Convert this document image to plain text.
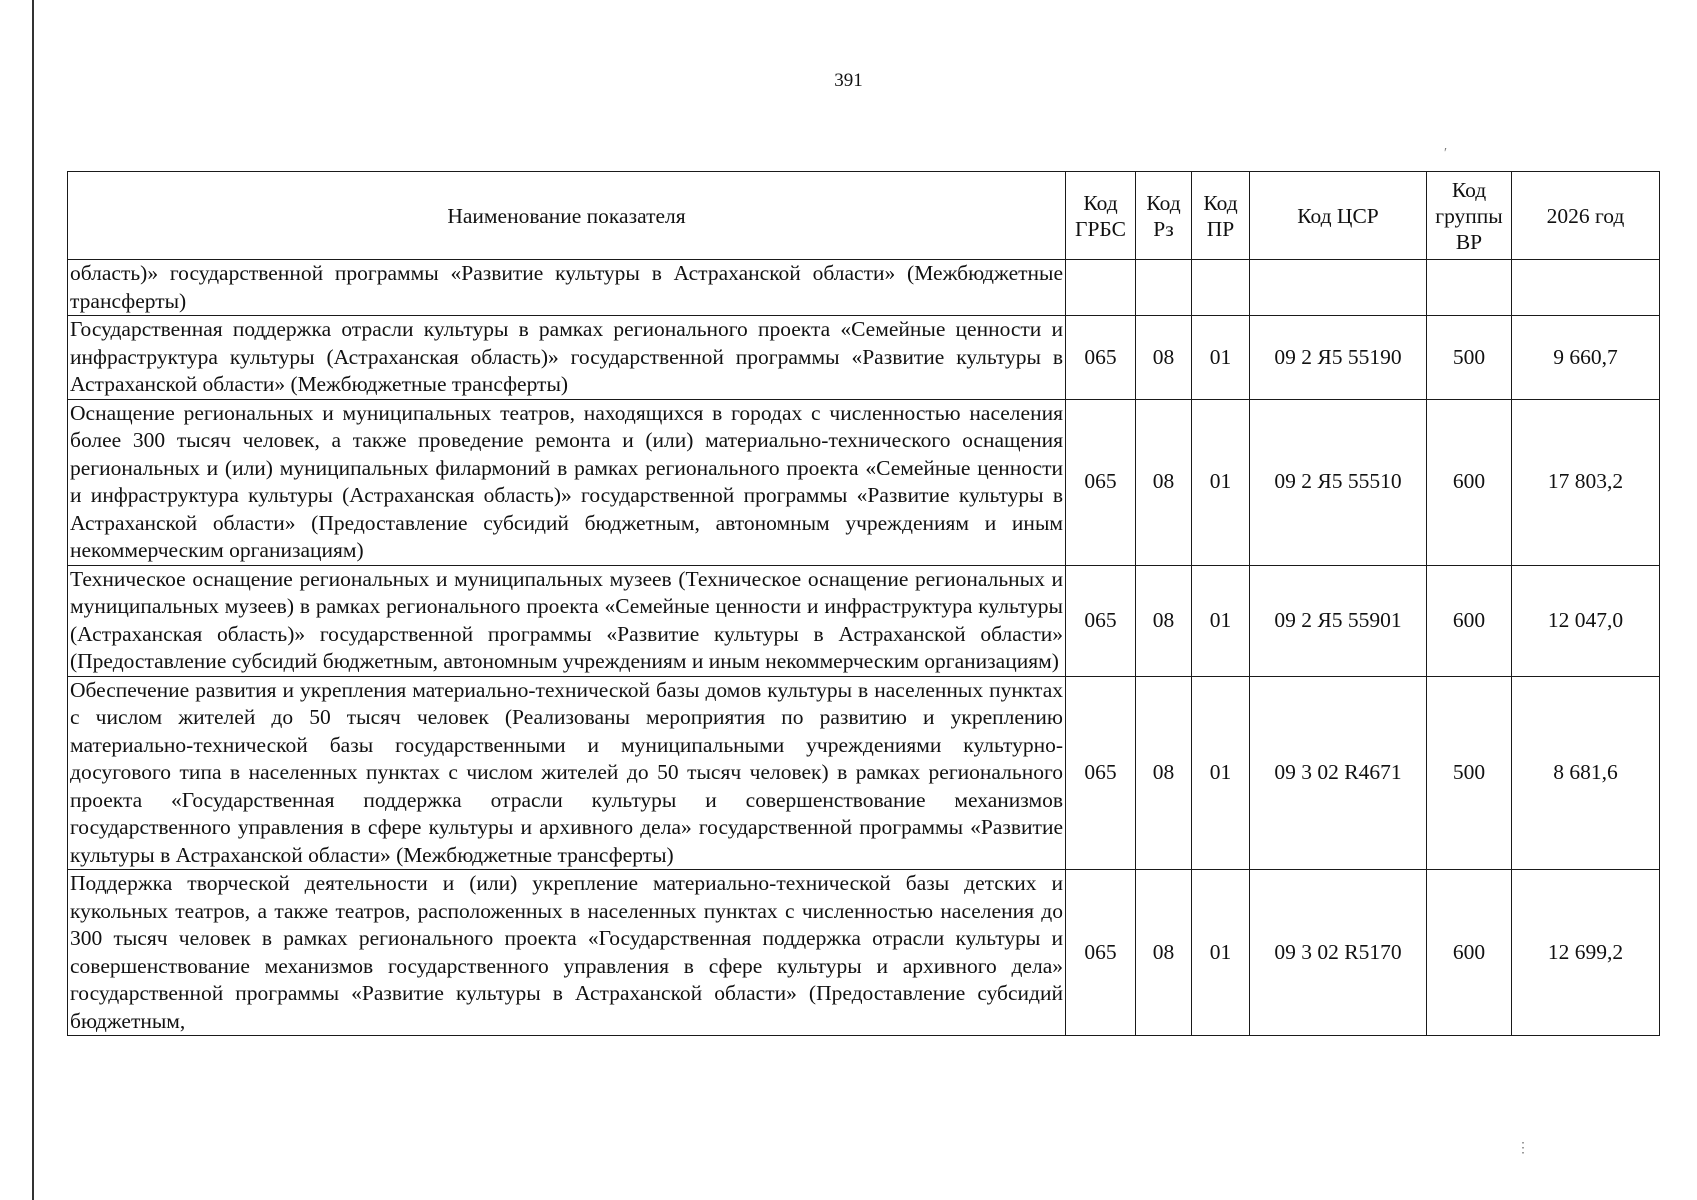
391
Наименование показателя	Код ГРБС	Код Рз	Код ПР	Код ЦСР	Код группы ВР	2026 год
область)» государственной программы «Развитие культуры в Астраханской области» (Межбюджетные трансферты)						
Государственная поддержка отрасли культуры в рамках регионального проекта «Семейные ценности и инфраструктура культуры (Астраханская область)» государственной программы «Развитие культуры в Астраханской области» (Межбюджетные трансферты)	065	08	01	09 2 Я5 55190	500	9 660,7
Оснащение региональных и муниципальных театров, находящихся в городах с численностью населения более 300 тысяч человек, а также проведение ремонта и (или) материально-технического оснащения региональных и (или) муниципальных филармоний в рамках регионального проекта «Семейные ценности и инфраструктура культуры (Астраханская область)» государственной программы «Развитие культуры в Астраханской области» (Предоставление субсидий бюджетным, автономным учреждениям и иным некоммерческим организациям)	065	08	01	09 2 Я5 55510	600	17 803,2
Техническое оснащение региональных и муниципальных музеев (Техническое оснащение региональных и муниципальных музеев) в рамках регионального проекта «Семейные ценности и инфраструктура культуры (Астраханская область)» государственной программы «Развитие культуры в Астраханской области» (Предоставление субсидий бюджетным, автономным учреждениям и иным некоммерческим организациям)	065	08	01	09 2 Я5 55901	600	12 047,0
Обеспечение развития и укрепления материально-технической базы домов культуры в населенных пунктах с числом жителей до 50 тысяч человек (Реализованы мероприятия по развитию и укреплению материально-технической базы государственными и муниципальными учреждениями культурно-досугового типа в населенных пунктах с числом жителей до 50 тысяч человек) в рамках регионального проекта «Государственная поддержка отрасли культуры и совершенствование механизмов государственного управления в сфере культуры и архивного дела» государственной программы «Развитие культуры в Астраханской области» (Межбюджетные трансферты)	065	08	01	09 3 02 R4671	500	8 681,6
Поддержка творческой деятельности и (или) укрепление материально-технической базы детских и кукольных театров, а также театров, расположенных в населенных пунктах с численностью населения до 300 тысяч человек в рамках регионального проекта «Государственная поддержка отрасли культуры и совершенствование механизмов государственного управления в сфере культуры и архивного дела» государственной программы «Развитие культуры в Астраханской области» (Предоставление субсидий бюджетным,	065	08	01	09 3 02 R5170	600	12 699,2
′
⋮
